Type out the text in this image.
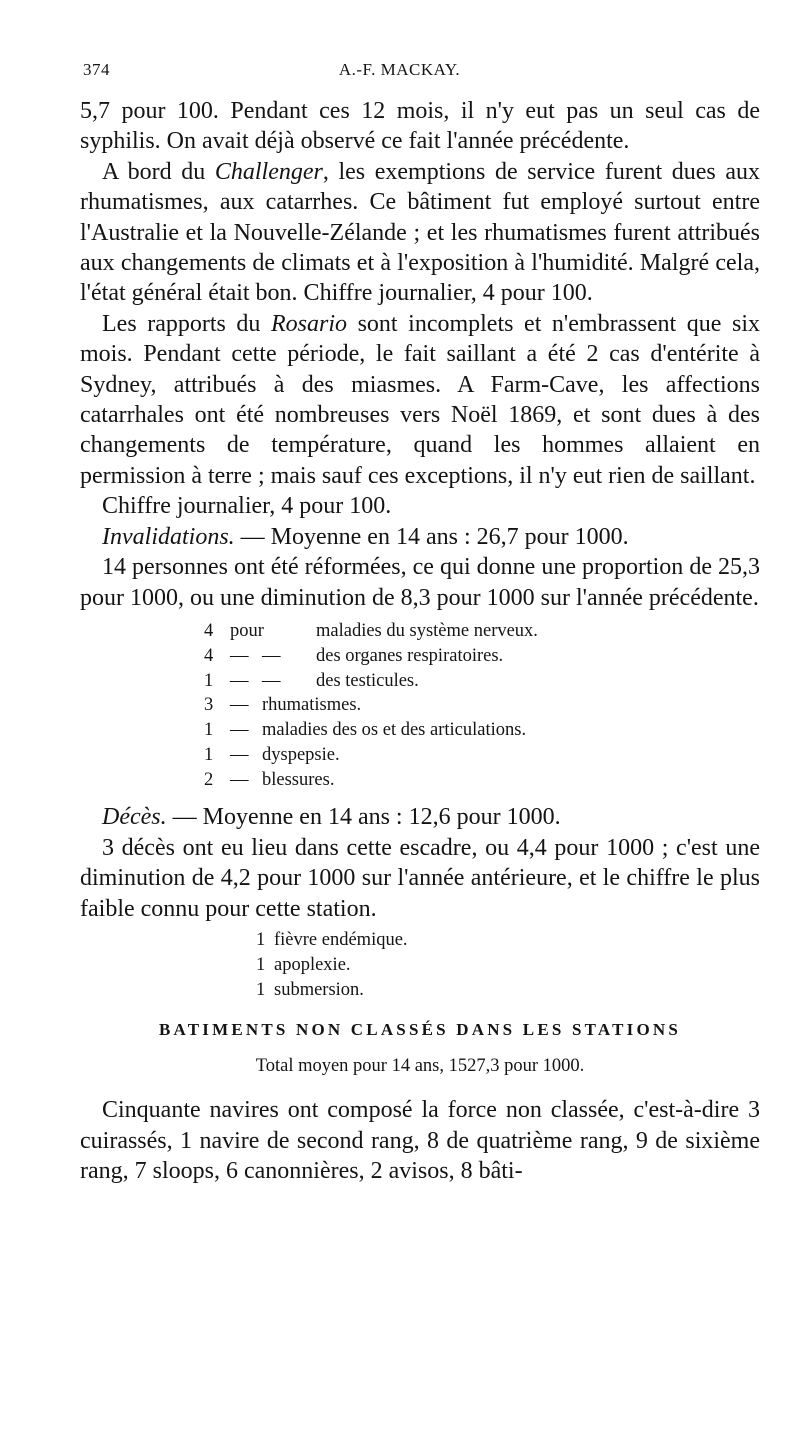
374	A.-F. MACKAY.

5,7 pour 100. Pendant ces 12 mois, il n'y eut pas un seul cas de syphilis. On avait déjà observé ce fait l'année précédente.

A bord du Challenger, les exemptions de service furent dues aux rhumatismes, aux catarrhes. Ce bâtiment fut employé surtout entre l'Australie et la Nouvelle-Zélande ; et les rhumatismes furent attribués aux changements de climats et à l'exposition à l'humidité. Malgré cela, l'état général était bon. Chiffre journalier, 4 pour 100.

Les rapports du Rosario sont incomplets et n'embrassent que six mois. Pendant cette période, le fait saillant a été 2 cas d'entérite à Sydney, attribués à des miasmes. A Farm-Cave, les affections catarrhales ont été nombreuses vers Noël 1869, et sont dues à des changements de température, quand les hommes allaient en permission à terre ; mais sauf ces exceptions, il n'y eut rien de saillant.

Chiffre journalier, 4 pour 100.

Invalidations. — Moyenne en 14 ans : 26,7 pour 1000.

14 personnes ont été réformées, ce qui donne une proportion de 25,3 pour 1000, ou une diminution de 8,3 pour 1000 sur l'année précédente.

4 pour	maladies du système nerveux.
4 — —	des organes respiratoires.
1 — —	des testicules.
3 — rhumatismes.
1 — maladies des os et des articulations.
1 — dyspepsie.
2 — blessures.

Décès. — Moyenne en 14 ans : 12,6 pour 1000.

3 décès ont eu lieu dans cette escadre, ou 4,4 pour 1000 ; c'est une diminution de 4,2 pour 1000 sur l'année antérieure, et le chiffre le plus faible connu pour cette station.

1 fièvre endémique.
1 apoplexie.
1 submersion.
BATIMENTS NON CLASSÉS DANS LES STATIONS
Total moyen pour 14 ans, 1527,3 pour 1000.

Cinquante navires ont composé la force non classée, c'est-à-dire 3 cuirassés, 1 navire de second rang, 8 de quatrième rang, 9 de sixième rang, 7 sloops, 6 canonnières, 2 avisos, 8 bâti-
